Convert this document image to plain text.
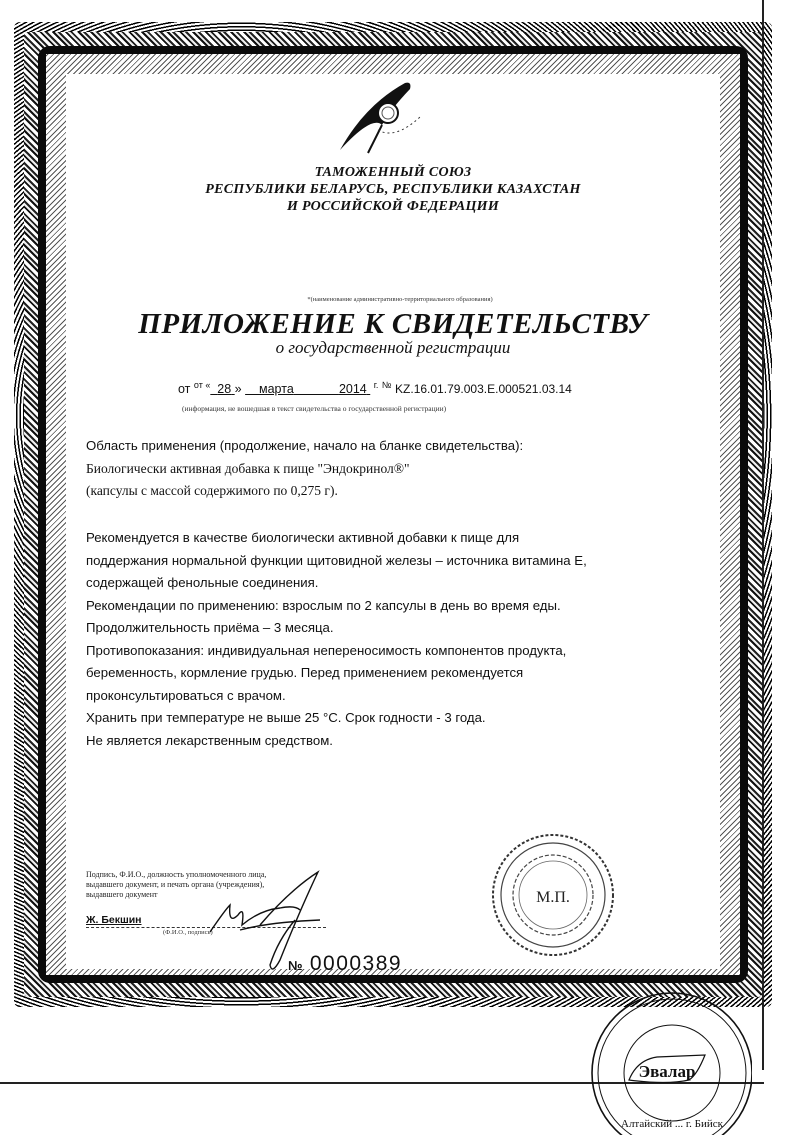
ТАМОЖЕННЫЙ СОЮЗ
РЕСПУБЛИКИ БЕЛАРУСЬ, РЕСПУБЛИКИ КАЗАХСТАН
И РОССИЙСКОЙ ФЕДЕРАЦИИ
*(наименование административно-территориального образования)
ПРИЛОЖЕНИЕ К СВИДЕТЕЛЬСТВУ
о государственной регистрации
от $^{от «}$ 28 » марта	2014 $^{г.}$ № KZ.16.01.79.003.E.000521.03.14
(информация, не вошедшая в текст свидетельства о государственной регистрации)
Область применения (продолжение, начало на бланке свидетельства):
Биологически активная добавка к пище "Эндокринол®"
(капсулы с массой содержимого по 0,275 г).
Рекомендуется в качестве биологически активной добавки к пище для
поддержания нормальной функции щитовидной железы – источника витамина Е,
содержащей фенольные соединения.
Рекомендации по применению: взрослым по 2 капсулы в день во время еды.
Продолжительность приёма – 3 месяца.
Противопоказания: индивидуальная непереносимость компонентов продукта,
беременность, кормление грудью. Перед применением рекомендуется
проконсультироваться с врачом.
Хранить при температуре не выше 25 °С. Срок годности - 3 года.
Не является лекарственным средством.
Подпись, Ф.И.О., должность уполномоченного лица,
выдавшего документ, и печать органа (учреждения),
выдавшего документ
Ж. Бекшин
(Ф.И.О., подпись)
№ 0000389
М.П.
Эвалар
Алтайский ... г. Бийск
